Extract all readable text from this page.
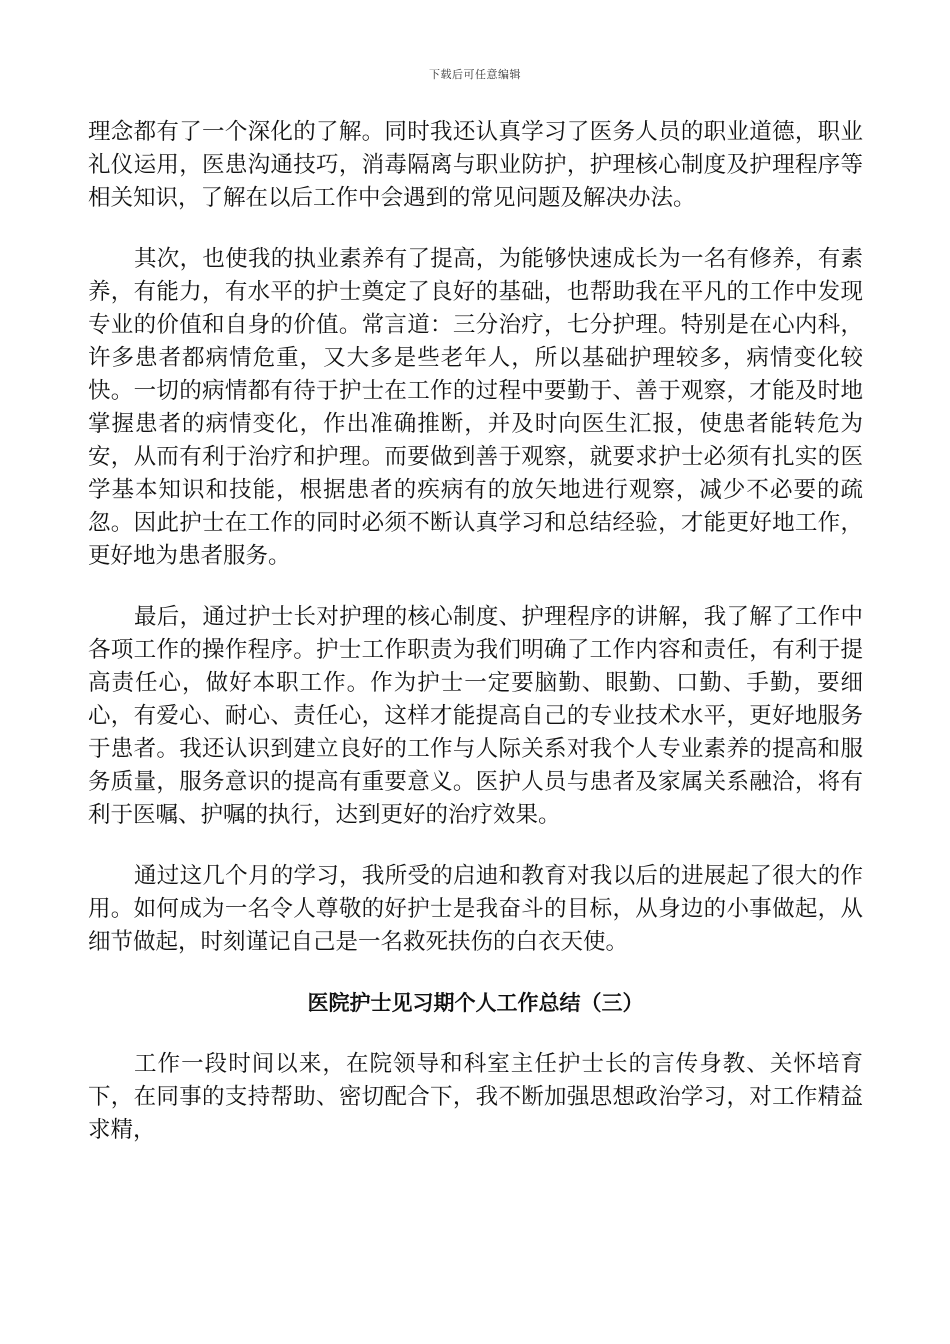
下载后可任意编辑

理念都有了一个深化的了解。同时我还认真学习了医务人员的职业道德，职业礼仪运用，医患沟通技巧，消毒隔离与职业防护，护理核心制度及护理程序等相关知识，了解在以后工作中会遇到的常见问题及解决办法。

其次，也使我的执业素养有了提高，为能够快速成长为一名有修养，有素养，有能力，有水平的护士奠定了良好的基础，也帮助我在平凡的工作中发现专业的价值和自身的价值。常言道：三分治疗，七分护理。特别是在心内科，许多患者都病情危重，又大多是些老年人，所以基础护理较多，病情变化较快。一切的病情都有待于护士在工作的过程中要勤于、善于观察，才能及时地掌握患者的病情变化，作出准确推断，并及时向医生汇报，使患者能转危为安，从而有利于治疗和护理。而要做到善于观察，就要求护士必须有扎实的医学基本知识和技能，根据患者的疾病有的放矢地进行观察，减少不必要的疏忽。因此护士在工作的同时必须不断认真学习和总结经验，才能更好地工作，更好地为患者服务。

最后，通过护士长对护理的核心制度、护理程序的讲解，我了解了工作中各项工作的操作程序。护士工作职责为我们明确了工作内容和责任，有利于提高责任心，做好本职工作。作为护士一定要脑勤、眼勤、口勤、手勤，要细心，有爱心、耐心、责任心，这样才能提高自己的专业技术水平，更好地服务于患者。我还认识到建立良好的工作与人际关系对我个人专业素养的提高和服务质量，服务意识的提高有重要意义。医护人员与患者及家属关系融洽，将有利于医嘱、护嘱的执行，达到更好的治疗效果。

通过这几个月的学习，我所受的启迪和教育对我以后的进展起了很大的作用。如何成为一名令人尊敬的好护士是我奋斗的目标，从身边的小事做起，从细节做起，时刻谨记自己是一名救死扶伤的白衣天使。

医院护士见习期个人工作总结（三）

工作一段时间以来，在院领导和科室主任护士长的言传身教、关怀培育下，在同事的支持帮助、密切配合下，我不断加强思想政治学习，对工作精益求精，
